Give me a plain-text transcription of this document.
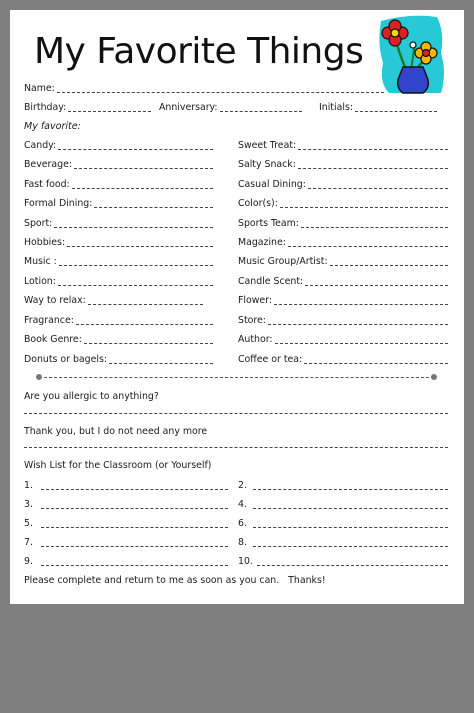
My Favorite Things
Name:
Birthday:	Anniversary:	Initials:
My favorite:
Candy:
Beverage:
Fast food:
Formal Dining:
Sport:
Hobbies:
Music :
Lotion:
Way to relax:
Fragrance:
Book Genre:
Donuts or bagels:
Sweet Treat:
Salty Snack:
Casual Dining:
Color(s):
Sports Team:
Magazine:
Music Group/Artist:
Candle Scent:
Flower:
Store:
Author:
Coffee or tea:
Are you allergic to anything?
Thank you, but I do not need any more
Wish List for the Classroom (or Yourself)
1.
3.
5.
7.
9.
2.
4.
6.
8.
10.
Please complete and return to me as soon as you can.   Thanks!
